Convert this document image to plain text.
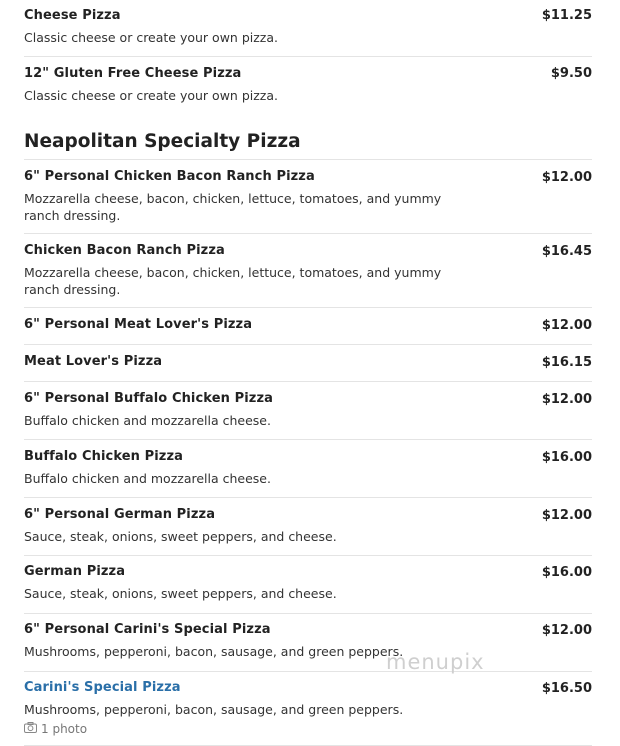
Cheese Pizza	$11.25
Classic cheese or create your own pizza.
12" Gluten Free Cheese Pizza	$9.50
Classic cheese or create your own pizza.
Neapolitan Specialty Pizza
6" Personal Chicken Bacon Ranch Pizza	$12.00
Mozzarella cheese, bacon, chicken, lettuce, tomatoes, and yummy ranch dressing.
Chicken Bacon Ranch Pizza	$16.45
Mozzarella cheese, bacon, chicken, lettuce, tomatoes, and yummy ranch dressing.
6" Personal Meat Lover's Pizza	$12.00
Meat Lover's Pizza	$16.15
6" Personal Buffalo Chicken Pizza	$12.00
Buffalo chicken and mozzarella cheese.
Buffalo Chicken Pizza	$16.00
Buffalo chicken and mozzarella cheese.
6" Personal German Pizza	$12.00
Sauce, steak, onions, sweet peppers, and cheese.
German Pizza	$16.00
Sauce, steak, onions, sweet peppers, and cheese.
6" Personal Carini's Special Pizza	$12.00
Mushrooms, pepperoni, bacon, sausage, and green peppers.
Carini's Special Pizza	$16.50
Mushrooms, pepperoni, bacon, sausage, and green peppers.
1 photo
menupix
